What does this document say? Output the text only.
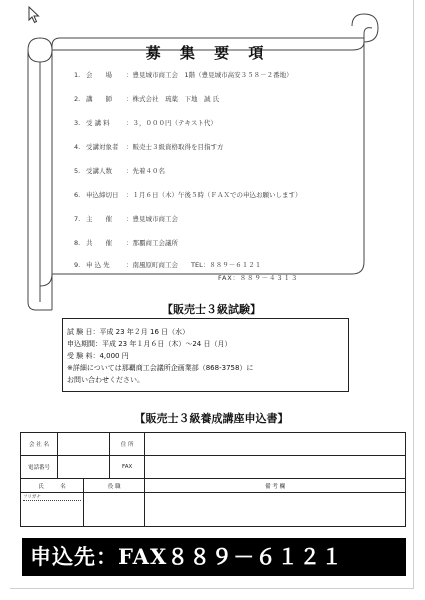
募 集 要 項
1. 会　　場 ：豊見城市商工会　1階（豊見城市高安３５８－２番地）
2. 講　　師 ：株式会社　琉薬　下地　誠 氏
3. 受 講 料	：３，０００円（テキスト代）
4. 受講対象者 ：販売士３級資格取得を目指す方
5. 受講人数 ：先着４０名
6. 申込締切日 ：１月６日（木）午後５時（ＦＡＸでの申込お願いします）
7. 主　　催 ：豊見城市商工会
8. 共　　催 ：那覇商工会議所
9. 申 込 先	：南風原町商工会　　TEL：８８９－６１２１
FAX：８８９－４３１３
【販売士３級試験】
試 験 日：平成 23 年２月 16 日（水）
申込期間：平成 23 年１月６日（木）～24 日（月）
受 験 料：4,000 円
※詳細については那覇商工会議所企画業部（868-3758）に
お問い合わせください。
【販売士３級養成講座申込書】
会 社 名			住 所	
電話番号			FAX	
氏　　　名		役 職		備 考 欄

フリガナ				

申込先：FAX８８９－６１２１
